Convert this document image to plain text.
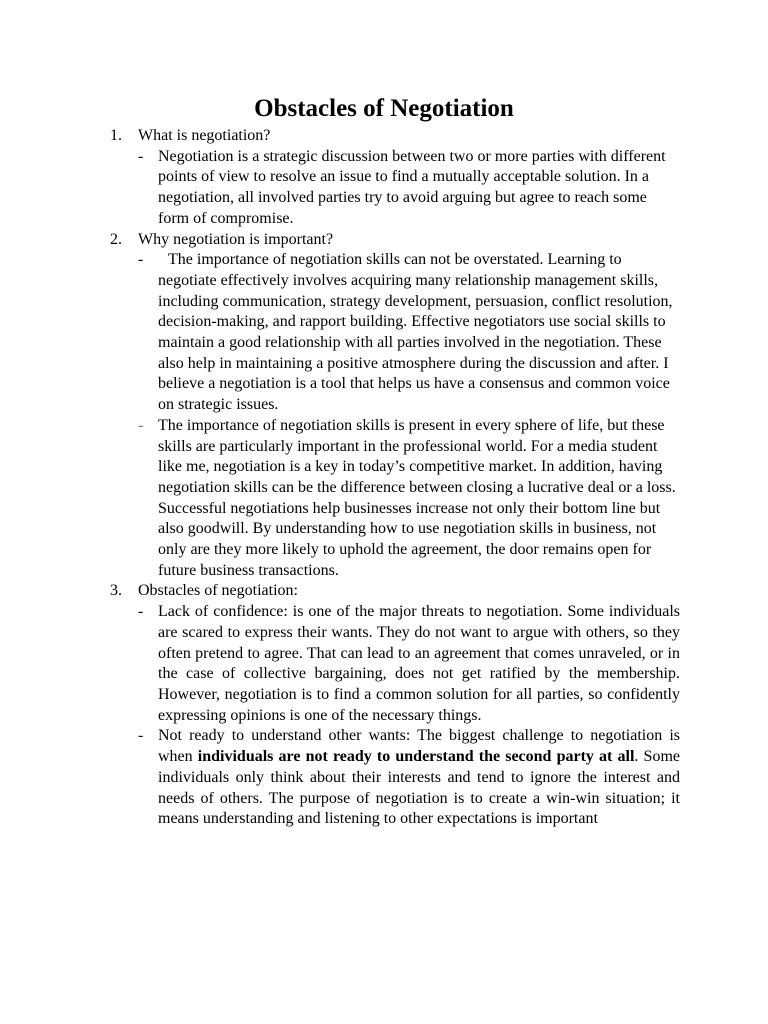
Obstacles of Negotiation
1. What is negotiation?
- Negotiation is a strategic discussion between two or more parties with different points of view to resolve an issue to find a mutually acceptable solution. In a negotiation, all involved parties try to avoid arguing but agree to reach some form of compromise.
2. Why negotiation is important?
-	The importance of negotiation skills can not be overstated. Learning to negotiate effectively involves acquiring many relationship management skills, including communication, strategy development, persuasion, conflict resolution, decision-making, and rapport building. Effective negotiators use social skills to maintain a good relationship with all parties involved in the negotiation. These also help in maintaining a positive atmosphere during the discussion and after. I believe a negotiation is a tool that helps us have a consensus and common voice on strategic issues.
- The importance of negotiation skills is present in every sphere of life, but these skills are particularly important in the professional world. For a media student like me, negotiation is a key in today’s competitive market. In addition, having negotiation skills can be the difference between closing a lucrative deal or a loss. Successful negotiations help businesses increase not only their bottom line but also goodwill. By understanding how to use negotiation skills in business, not only are they more likely to uphold the agreement, the door remains open for future business transactions.
3. Obstacles of negotiation:
- Lack of confidence: is one of the major threats to negotiation. Some individuals are scared to express their wants. They do not want to argue with others, so they often pretend to agree. That can lead to an agreement that comes unraveled, or in the case of collective bargaining, does not get ratified by the membership. However, negotiation is to find a common solution for all parties, so confidently expressing opinions is one of the necessary things.
- Not ready to understand other wants: The biggest challenge to negotiation is when individuals are not ready to understand the second party at all. Some individuals only think about their interests and tend to ignore the interest and needs of others. The purpose of negotiation is to create a win-win situation; it means understanding and listening to other expectations is important
